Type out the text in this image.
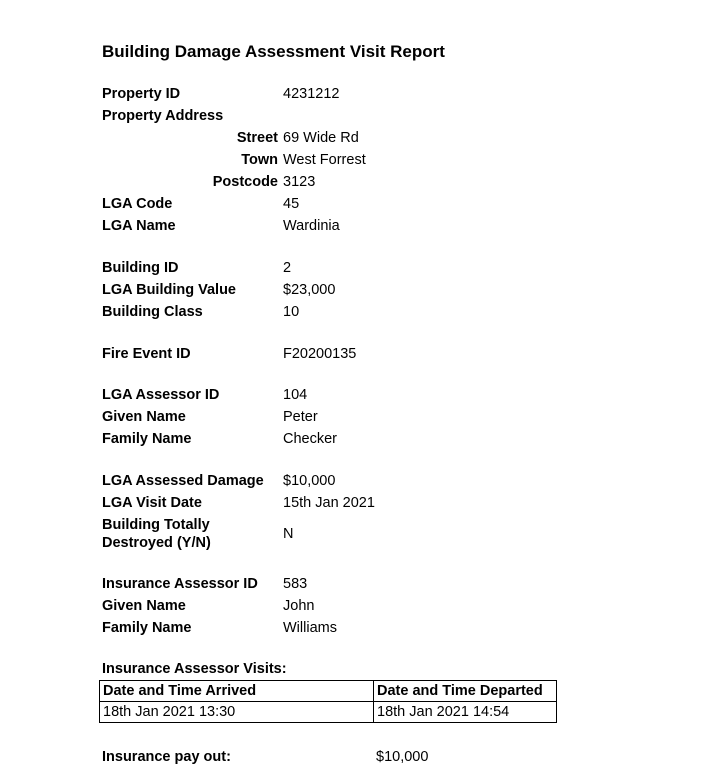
Building Damage Assessment Visit Report
Property ID	4231212
Property Address
Street 69 Wide Rd
Town West Forrest
Postcode 3123
LGA Code	45
LGA Name	Wardinia
Building ID	2
LGA Building Value	$23,000
Building Class	10
Fire Event ID	F20200135
LGA Assessor ID	104
Given Name	Peter
Family Name	Checker
LGA Assessed Damage $10,000
LGA Visit Date	15th Jan 2021
Building Totally Destroyed (Y/N)
N
Insurance Assessor ID 583
Given Name	John
Family Name	Williams
Insurance Assessor Visits:
Date and Time Arrived	Date and Time Departed
18th Jan 2021 13:30	18th Jan 2021 14:54
Insurance pay out:	$10,000
